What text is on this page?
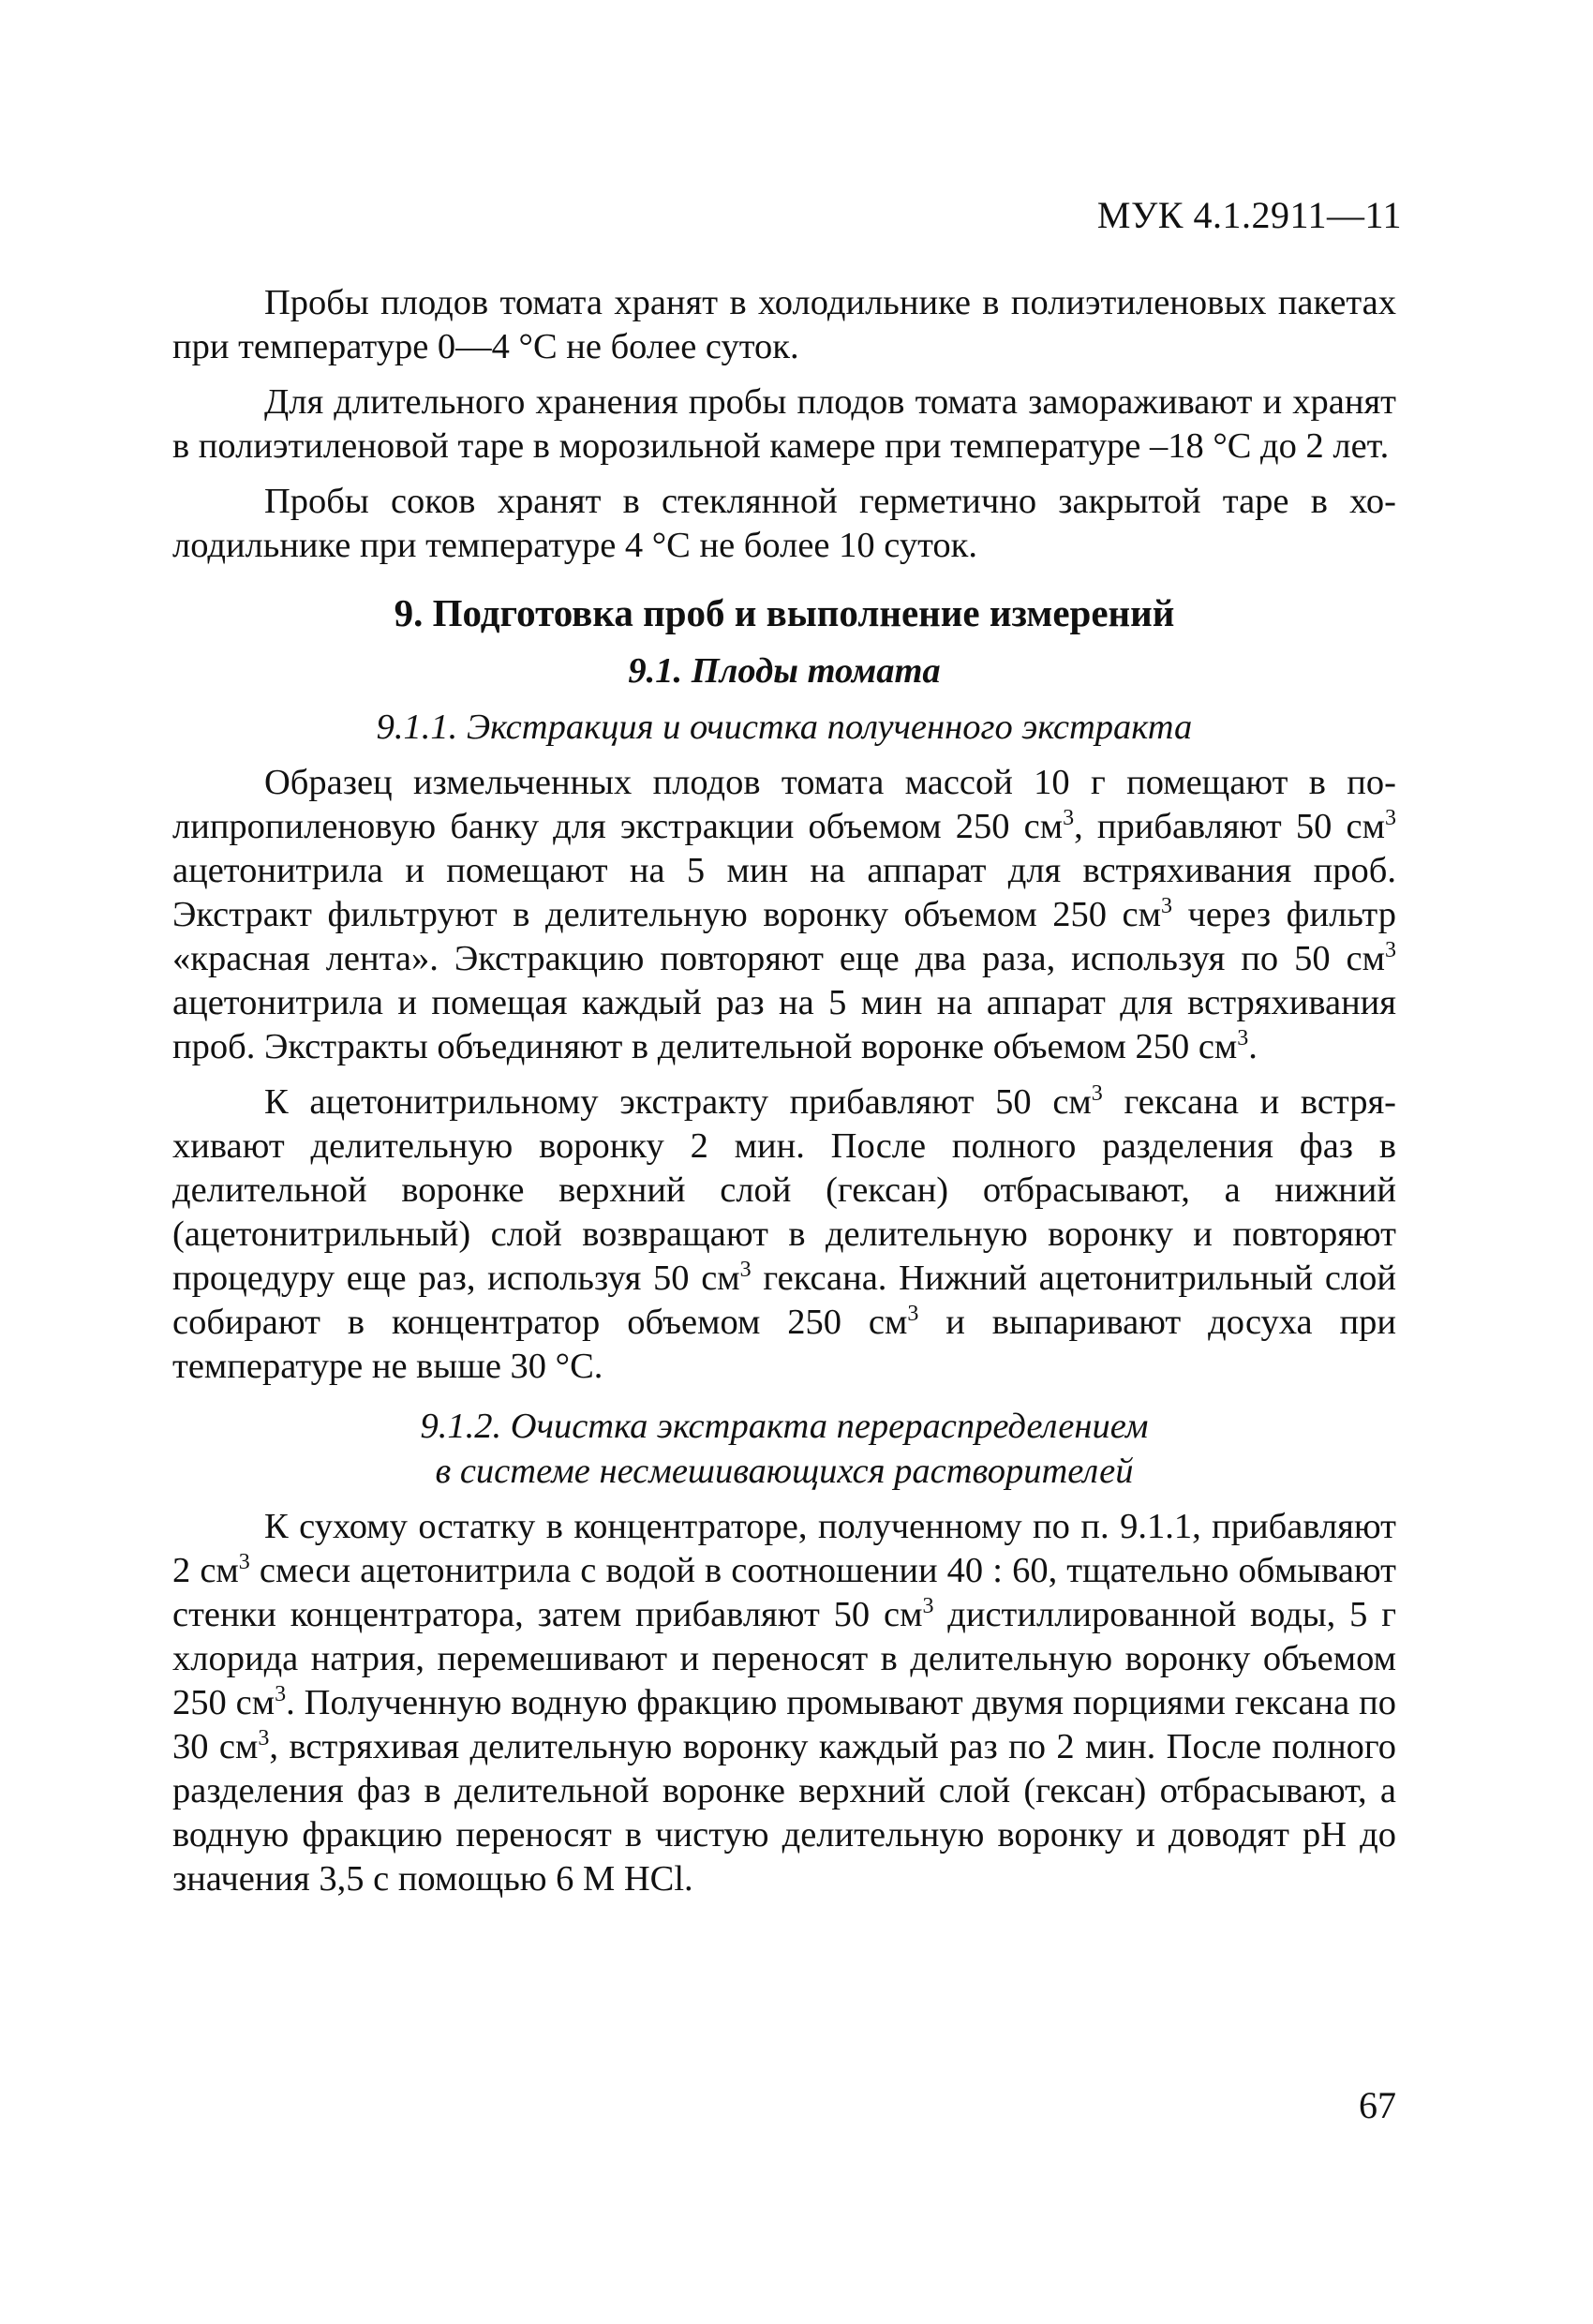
МУК 4.1.2911—11

Пробы плодов томата хранят в холодильнике в полиэтиленовых пакетах при температуре 0—4 °С не более суток.

Для длительного хранения пробы плодов томата замораживают и хранят в полиэтиленовой таре в морозильной камере при температуре –18 °С до 2 лет.

Пробы соков хранят в стеклянной герметично закрытой таре в холодильнике при температуре 4 °С не более 10 суток.

9. Подготовка проб и выполнение измерений
9.1. Плоды томата
9.1.1. Экстракция и очистка полученного экстракта

Образец измельченных плодов томата массой 10 г помещают в полипропиленовую банку для экстракции объемом 250 $см^3$, прибавляют 50 $см^3$ ацетонитрила и помещают на 5 мин на аппарат для встряхивания проб. Экстракт фильтруют в делительную воронку объемом 250 $см^3$ через фильтр «красная лента». Экстракцию повторяют еще два раза, используя по 50 $см^3$ ацетонитрила и помещая каждый раз на 5 мин на аппарат для встряхивания проб. Экстракты объединяют в делительной воронке объемом 250 $см^3$.

К ацетонитрильному экстракту прибавляют 50 $см^3$ гексана и встряхивают делительную воронку 2 мин. После полного разделения фаз в делительной воронке верхний слой (гексан) отбрасывают, а нижний (ацетонитрильный) слой возвращают в делительную воронку и повторяют процедуру еще раз, используя 50 $см^3$ гексана. Нижний ацетонитрильный слой собирают в концентратор объемом 250 $см^3$ и выпаривают досуха при температуре не выше 30 °С.

9.1.2. Очистка экстракта перераспределением
в системе несмешивающихся растворителей

К сухому остатку в концентраторе, полученному по п. 9.1.1, прибавляют 2 $см^3$ смеси ацетонитрила с водой в соотношении 40 : 60, тщательно обмывают стенки концентратора, затем прибавляют 50 $см^3$ дистиллированной воды, 5 г хлорида натрия, перемешивают и переносят в делительную воронку объемом 250 $см^3$. Полученную водную фракцию промывают двумя порциями гексана по 30 $см^3$, встряхивая делительную воронку каждый раз по 2 мин. После полного разделения фаз в делительной воронке верхний слой (гексан) отбрасывают, а водную фракцию переносят в чистую делительную воронку и доводят рН до значения 3,5 с помощью 6 М HCl.

67
